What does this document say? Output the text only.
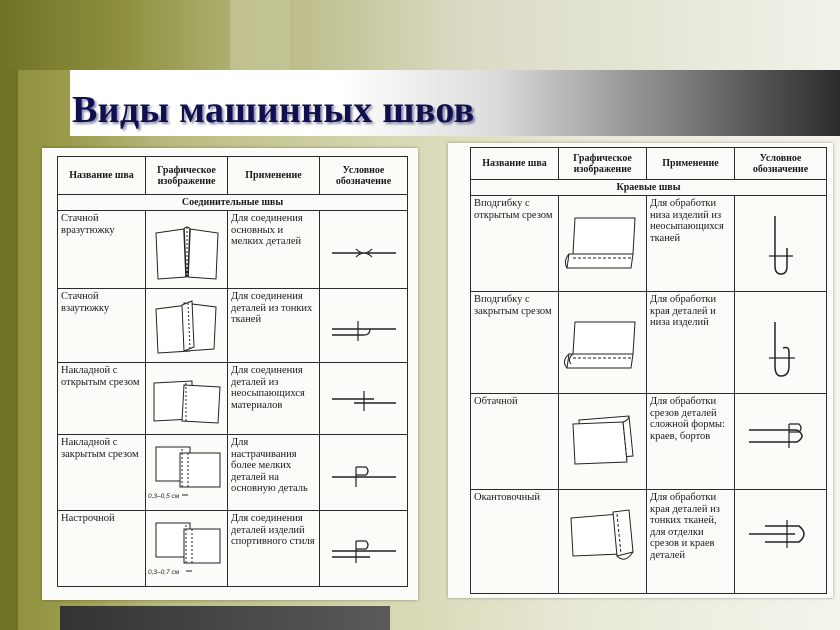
Виды машинных швов
Название шва	Графическое изображение	Применение	Условное обозначение
Соединительные швы			
Стачной вразутюжку		Для соединения основных и мелких деталей	

Стачной взаутюжку		Для соединения деталей из тонких тканей	

Накладной с открытым срезом		Для соединения деталей из неосыпающихся материалов	

Накладной с закрытым срезом	0,3–0,5 см	Для настрачивания более мелких деталей на основную деталь	

Настрочной	0,3–0,7 см	Для соединения деталей изделий спортивного стиля	
Название шва	Графическое изображение	Применение	Условное обозначение
Краевые швы			
Вподгибку с открытым срезом		Для обработки низа изделий из неосыпающихся тканей	

Вподгибку с закрытым срезом		Для обработки края деталей и низа изделий	

Обтачной		Для обработки срезов деталей сложной формы: краев, бортов	

Окантовочный		Для обработки края деталей из тонких тканей, для отделки срезов и краев деталей	
